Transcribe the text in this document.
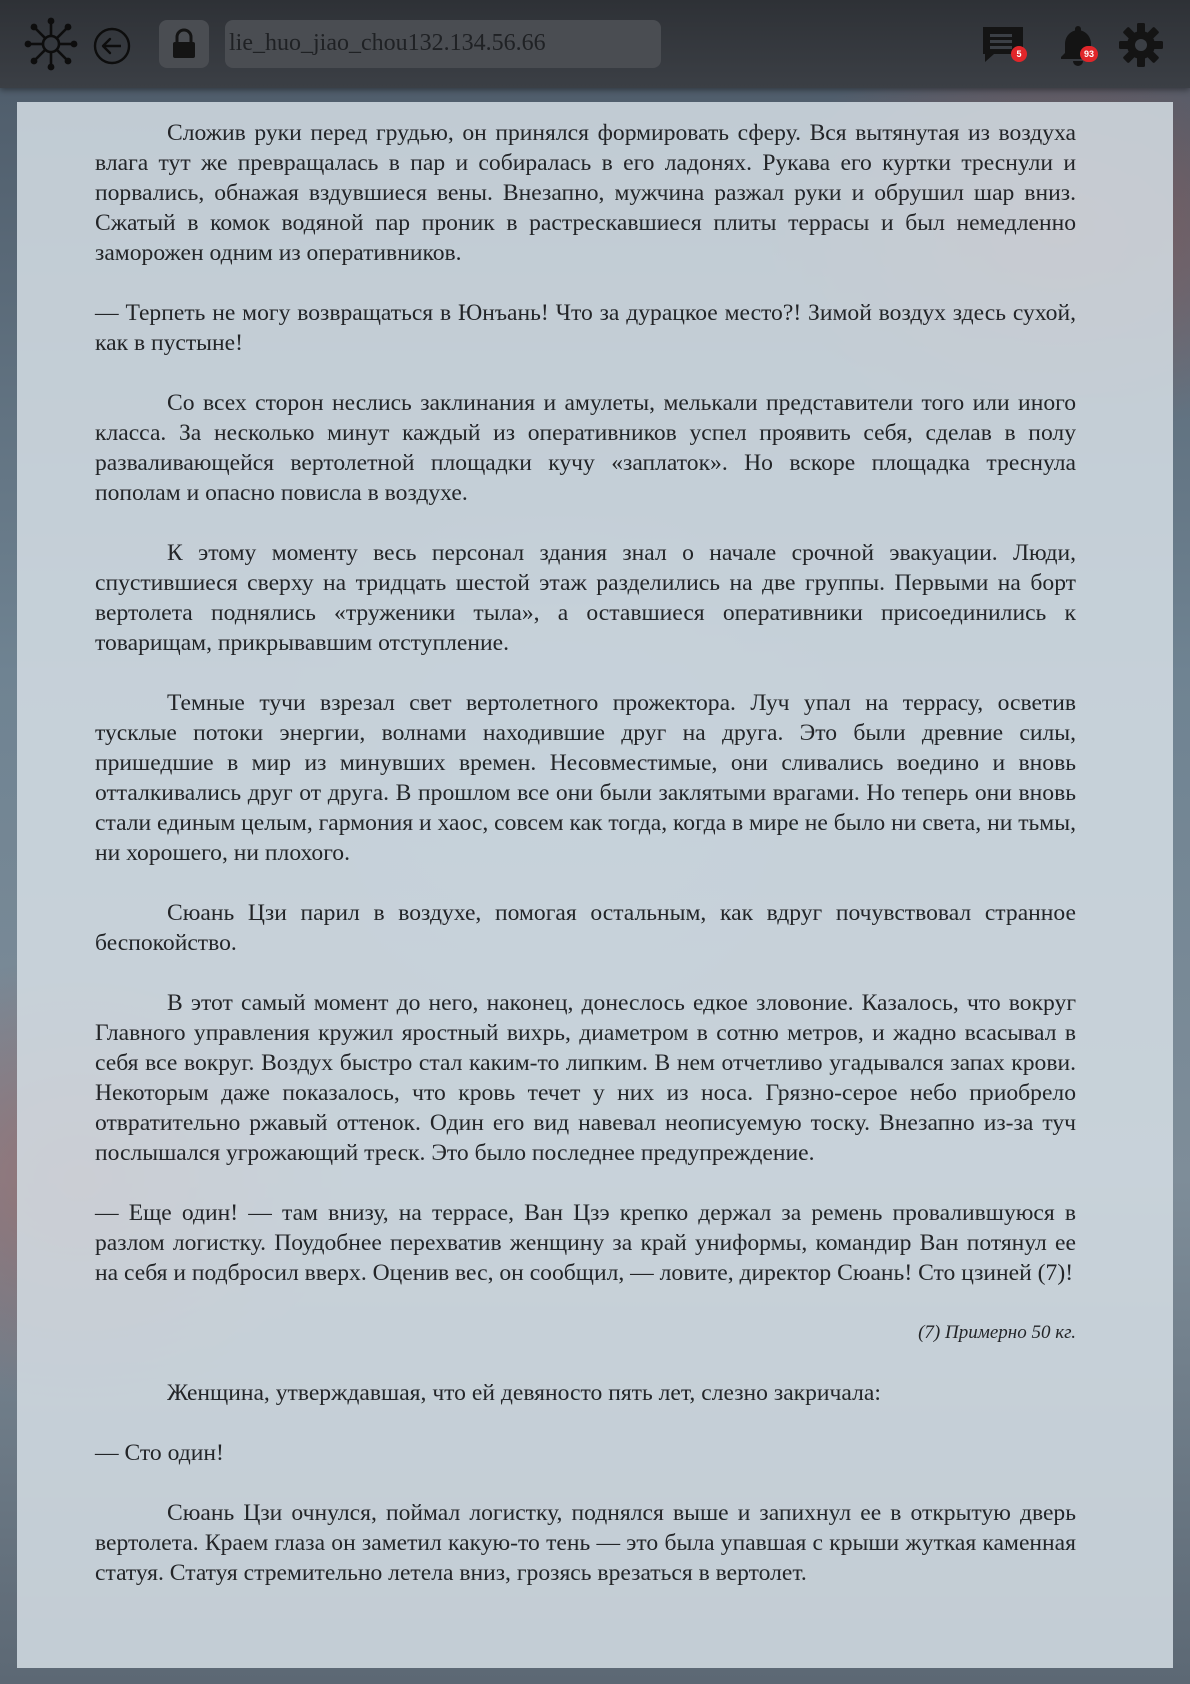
lie_huo_jiao_chou132.134.56.66	5	93

Сложив руки перед грудью, он принялся формировать сферу. Вся вытянутая из воздуха влага тут же превращалась в пар и собиралась в его ладонях. Рукава его куртки треснули и порвались, обнажая вздувшиеся вены. Внезапно, мужчина разжал руки и обрушил шар вниз. Сжатый в комок водяной пар проник в растрескавшиеся плиты террасы и был немедленно заморожен одним из оперативников.

— Терпеть не могу возвращаться в Юнъань! Что за дурацкое место?! Зимой воздух здесь сухой, как в пустыне!

Со всех сторон неслись заклинания и амулеты, мелькали представители того или иного класса. За несколько минут каждый из оперативников успел проявить себя, сделав в полу разваливающейся вертолетной площадки кучу «заплаток». Но вскоре площадка треснула пополам и опасно повисла в воздухе.

К этому моменту весь персонал здания знал о начале срочной эвакуации. Люди, спустившиеся сверху на тридцать шестой этаж разделились на две группы. Первыми на борт вертолета поднялись «труженики тыла», а оставшиеся оперативники присоединились к товарищам, прикрывавшим отступление.

Темные тучи взрезал свет вертолетного прожектора. Луч упал на террасу, осветив тусклые потоки энергии, волнами находившие друг на друга. Это были древние силы, пришедшие в мир из минувших времен. Несовместимые, они сливались воедино и вновь отталкивались друг от друга. В прошлом все они были заклятыми врагами. Но теперь они вновь стали единым целым, гармония и хаос, совсем как тогда, когда в мире не было ни света, ни тьмы, ни хорошего, ни плохого.

Сюань Цзи парил в воздухе, помогая остальным, как вдруг почувствовал странное беспокойство.

В этот самый момент до него, наконец, донеслось едкое зловоние. Казалось, что вокруг Главного управления кружил яростный вихрь, диаметром в сотню метров, и жадно всасывал в себя все вокруг. Воздух быстро стал каким-то липким. В нем отчетливо угадывался запах крови. Некоторым даже показалось, что кровь течет у них из носа. Грязно-серое небо приобрело отвратительно ржавый оттенок. Один его вид навевал неописуемую тоску. Внезапно из-за туч послышался угрожающий треск. Это было последнее предупреждение.

— Еще один! — там внизу, на террасе, Ван Цзэ крепко держал за ремень провалившуюся в разлом логистку. Поудобнее перехватив женщину за край униформы, командир Ван потянул ее на себя и подбросил вверх. Оценив вес, он сообщил, — ловите, директор Сюань! Сто цзиней (7)!

(7) Примерно 50 кг.

Женщина, утверждавшая, что ей девяносто пять лет, слезно закричала:

— Сто один!

Сюань Цзи очнулся, поймал логистку, поднялся выше и запихнул ее в открытую дверь вертолета. Краем глаза он заметил какую-то тень — это была упавшая с крыши жуткая каменная статуя. Статуя стремительно летела вниз, грозясь врезаться в вертолет.
